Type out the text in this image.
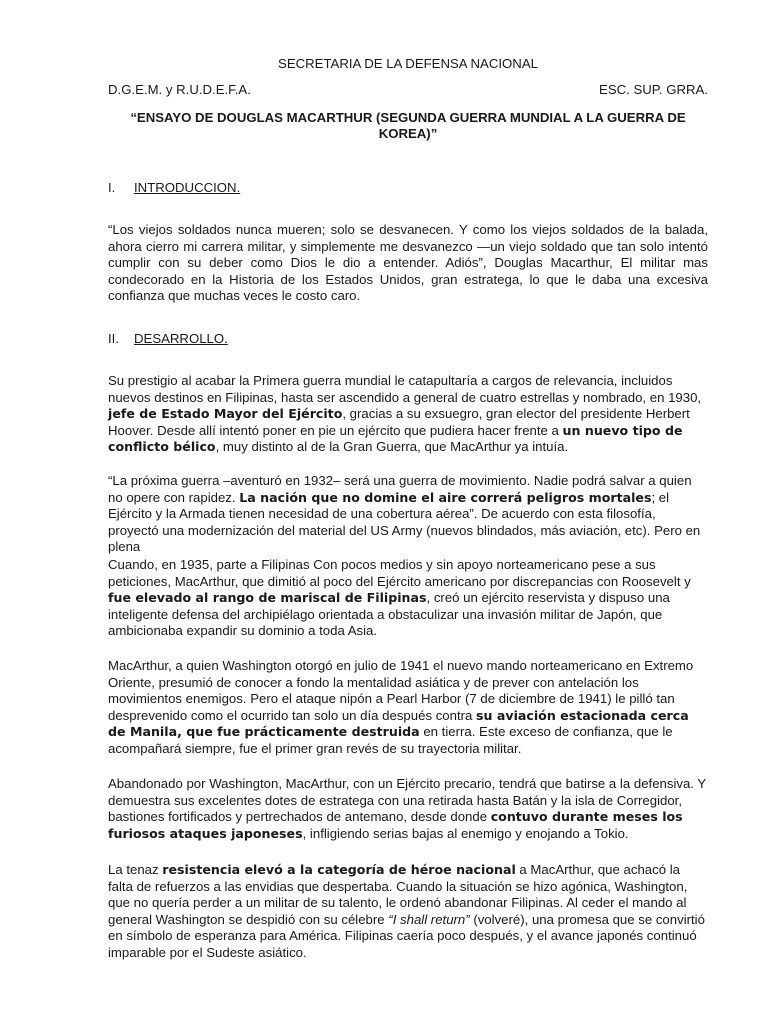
SECRETARIA DE LA DEFENSA NACIONAL
D.G.E.M. y R.U.D.E.F.A.	ESC. SUP. GRRA.
“ENSAYO DE DOUGLAS MACARTHUR (SEGUNDA GUERRA MUNDIAL A LA GUERRA DE KOREA)”
I. INTRODUCCION.

“Los viejos soldados nunca mueren; solo se desvanecen. Y como los viejos soldados de la balada, ahora cierro mi carrera militar, y simplemente me desvanezco —un viejo soldado que tan solo intentó cumplir con su deber como Dios le dio a entender. Adiós”, Douglas Macarthur, El militar mas condecorado en la Historia de los Estados Unidos, gran estratega, lo que le daba una excesiva confianza que muchas veces le costo caro.

II. DESARROLLO.

Su prestigio al acabar la Primera guerra mundial le catapultaría a cargos de relevancia, incluidos nuevos destinos en Filipinas, hasta ser ascendido a general de cuatro estrellas y nombrado, en 1930, jefe de Estado Mayor del Ejército, gracias a su exsuegro, gran elector del presidente Herbert Hoover. Desde allí intentó poner en pie un ejército que pudiera hacer frente a un nuevo tipo de conflicto bélico, muy distinto al de la Gran Guerra, que MacArthur ya intuía.

“La próxima guerra –aventuró en 1932– será una guerra de movimiento. Nadie podrá salvar a quien no opere con rapidez. La nación que no domine el aire correrá peligros mortales; el Ejército y la Armada tienen necesidad de una cobertura aérea”. De acuerdo con esta filosofía, proyectó una modernización del material del US Army (nuevos blindados, más aviación, etc). Pero en plena

Cuando, en 1935, parte a Filipinas Con pocos medios y sin apoyo norteamericano pese a sus peticiones, MacArthur, que dimitió al poco del Ejército americano por discrepancias con Roosevelt y fue elevado al rango de mariscal de Filipinas, creó un ejército reservista y dispuso una inteligente defensa del archipiélago orientada a obstaculizar una invasión militar de Japón, que ambicionaba expandir su dominio a toda Asia.

MacArthur, a quien Washington otorgó en julio de 1941 el nuevo mando norteamericano en Extremo Oriente, presumió de conocer a fondo la mentalidad asiática y de prever con antelación los movimientos enemigos. Pero el ataque nipón a Pearl Harbor (7 de diciembre de 1941) le pilló tan desprevenido como el ocurrido tan solo un día después contra su aviación estacionada cerca de Manila, que fue prácticamente destruida en tierra. Este exceso de confianza, que le acompañará siempre, fue el primer gran revés de su trayectoria militar.

Abandonado por Washington, MacArthur, con un Ejército precario, tendrá que batirse a la defensiva. Y demuestra sus excelentes dotes de estratega con una retirada hasta Batán y la isla de Corregidor, bastiones fortificados y pertrechados de antemano, desde donde contuvo durante meses los furiosos ataques japoneses, infligiendo serias bajas al enemigo y enojando a Tokio.

La tenaz resistencia elevó a la categoría de héroe nacional a MacArthur, que achacó la falta de refuerzos a las envidias que despertaba. Cuando la situación se hizo agónica, Washington, que no quería perder a un militar de su talento, le ordenó abandonar Filipinas. Al ceder el mando al general Washington se despidió con su célebre “I shall return” (volveré), una promesa que se convirtió en símbolo de esperanza para América. Filipinas caería poco después, y el avance japonés continuó imparable por el Sudeste asiático.
